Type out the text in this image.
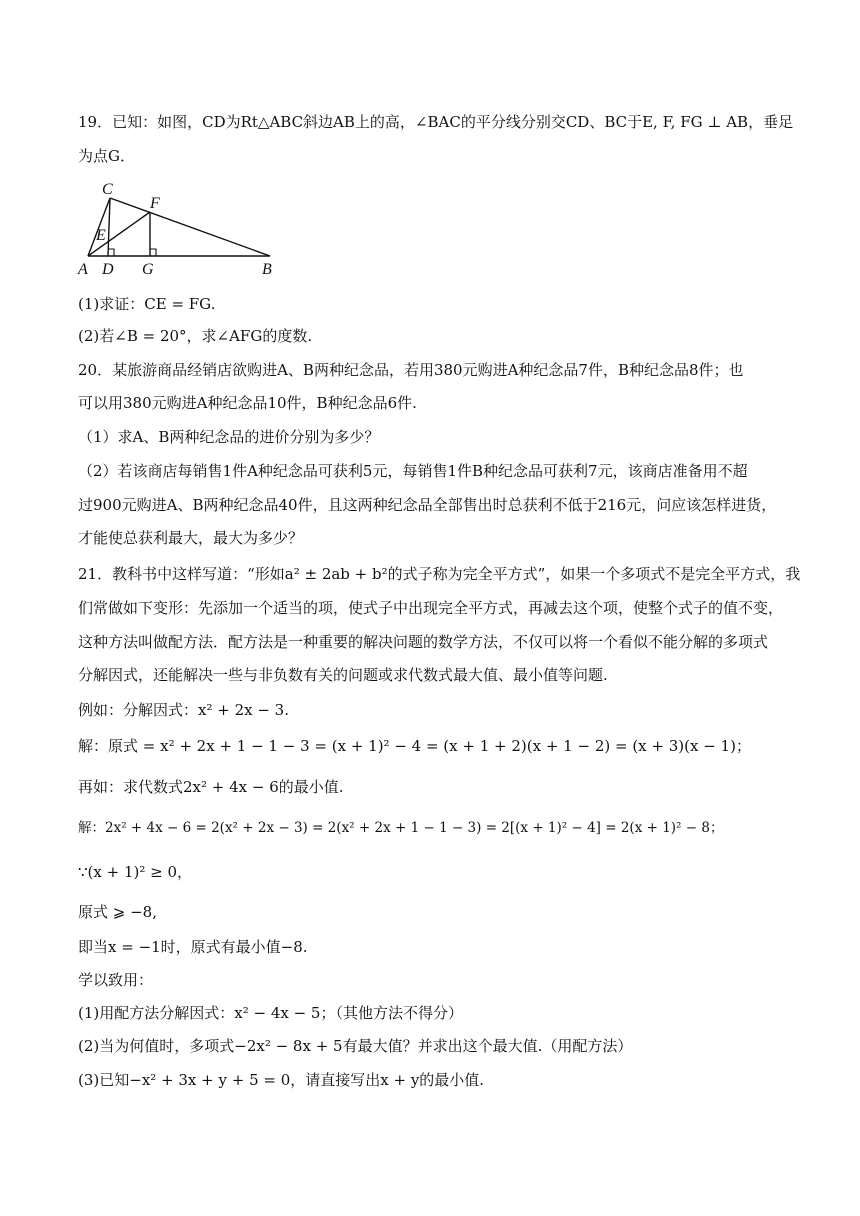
19．已知：如图，CD为Rt△ABC斜边AB上的高，∠BAC的平分线分别交CD、BC于E, F, FG ⊥ AB，垂足
为点G．
C
F
E
A D G	B
(1)求证：CE = FG.
(2)若∠B = 20°，求∠AFG的度数.
20．某旅游商品经销店欲购进A、B两种纪念品，若用380元购进A种纪念品7件，B种纪念品8件；也
可以用380元购进A种纪念品10件，B种纪念品6件.
（1）求A、B两种纪念品的进价分别为多少？
（2）若该商店每销售1件A种纪念品可获利5元，每销售1件B种纪念品可获利7元，该商店准备用不超
过900元购进A、B两种纪念品40件，且这两种纪念品全部售出时总获利不低于216元，问应该怎样进货，
才能使总获利最大，最大为多少？
21．教科书中这样写道：“形如a² ± 2ab + b²的式子称为完全平方式”，如果一个多项式不是完全平方式，我
们常做如下变形：先添加一个适当的项，使式子中出现完全平方式，再减去这个项，使整个式子的值不变，
这种方法叫做配方法．配方法是一种重要的解决问题的数学方法，不仅可以将一个看似不能分解的多项式
分解因式，还能解决一些与非负数有关的问题或求代数式最大值、最小值等问题.
例如：分解因式：x² + 2x − 3.
解：原式 = x² + 2x + 1 − 1 − 3 = (x + 1)² − 4 = (x + 1 + 2)(x + 1 − 2) = (x + 3)(x − 1)；
再如：求代数式2x² + 4x − 6的最小值.
解：2x² + 4x − 6 = 2(x² + 2x − 3) = 2(x² + 2x + 1 − 1 − 3) = 2[(x + 1)² − 4] = 2(x + 1)² − 8；
∵(x + 1)² ≥ 0，
原式 ⩾ −8,
即当x = −1时，原式有最小值−8.
学以致用：
(1)用配方法分解因式：x² − 4x − 5；（其他方法不得分）
(2)当为何值时，多项式−2x² − 8x + 5有最大值？并求出这个最大值.（用配方法）
(3)已知−x² + 3x + y + 5 = 0，请直接写出x + y的最小值.
